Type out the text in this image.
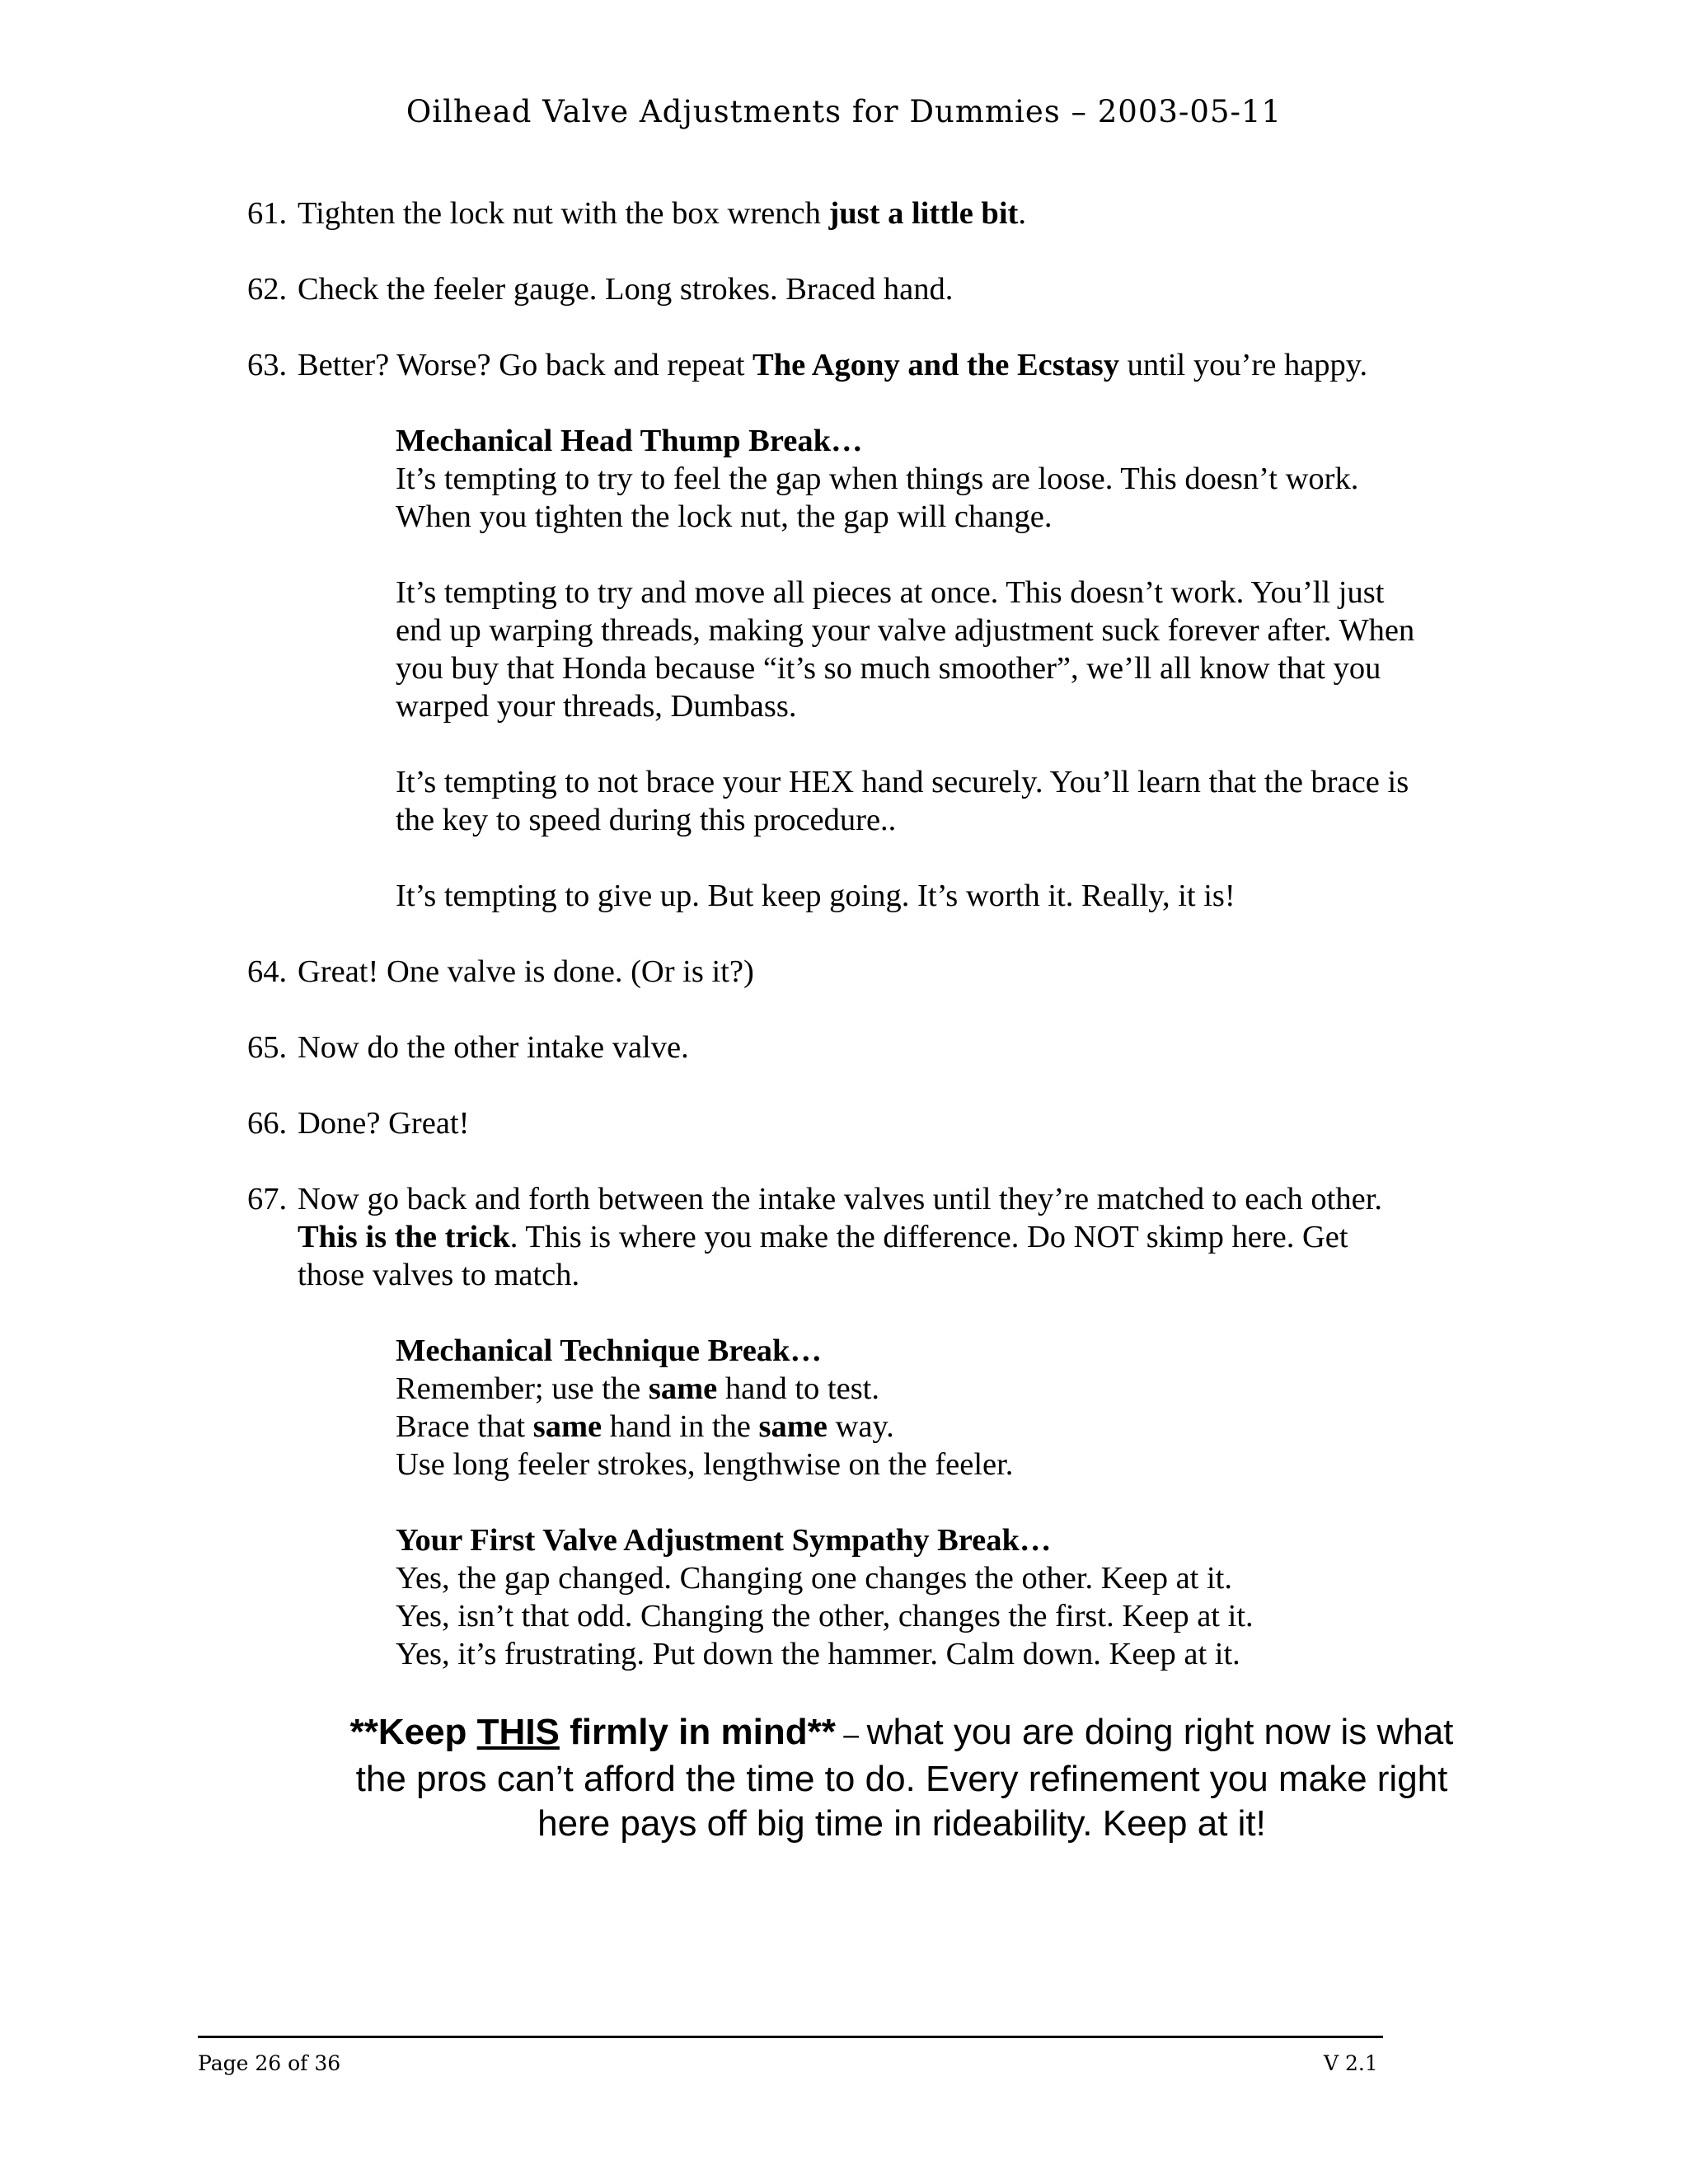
Oilhead Valve Adjustments for Dummies – 2003-05-11
61. Tighten the lock nut with the box wrench just a little bit.
62. Check the feeler gauge. Long strokes. Braced hand.
63. Better? Worse? Go back and repeat The Agony and the Ecstasy until you’re happy.
Mechanical Head Thump Break…
It’s tempting to try to feel the gap when things are loose. This doesn’t work.
When you tighten the lock nut, the gap will change.
It’s tempting to try and move all pieces at once. This doesn’t work. You’ll just
end up warping threads, making your valve adjustment suck forever after. When
you buy that Honda because “it’s so much smoother”, we’ll all know that you
warped your threads, Dumbass.
It’s tempting to not brace your HEX hand securely. You’ll learn that the brace is
the key to speed during this procedure..
It’s tempting to give up. But keep going. It’s worth it. Really, it is!
64. Great! One valve is done. (Or is it?)
65. Now do the other intake valve.
66. Done? Great!
67. Now go back and forth between the intake valves until they’re matched to each other.
This is the trick. This is where you make the difference. Do NOT skimp here. Get
those valves to match.
Mechanical Technique Break…
Remember; use the same hand to test.
Brace that same hand in the same way.
Use long feeler strokes, lengthwise on the feeler.
Your First Valve Adjustment Sympathy Break…
Yes, the gap changed. Changing one changes the other. Keep at it.
Yes, isn’t that odd. Changing the other, changes the first. Keep at it.
Yes, it’s frustrating. Put down the hammer. Calm down. Keep at it.
**Keep THIS firmly in mind** – what you are doing right now is what
the pros can’t afford the time to do. Every refinement you make right
here pays off big time in rideability. Keep at it!
Page 26 of 36	V 2.1
